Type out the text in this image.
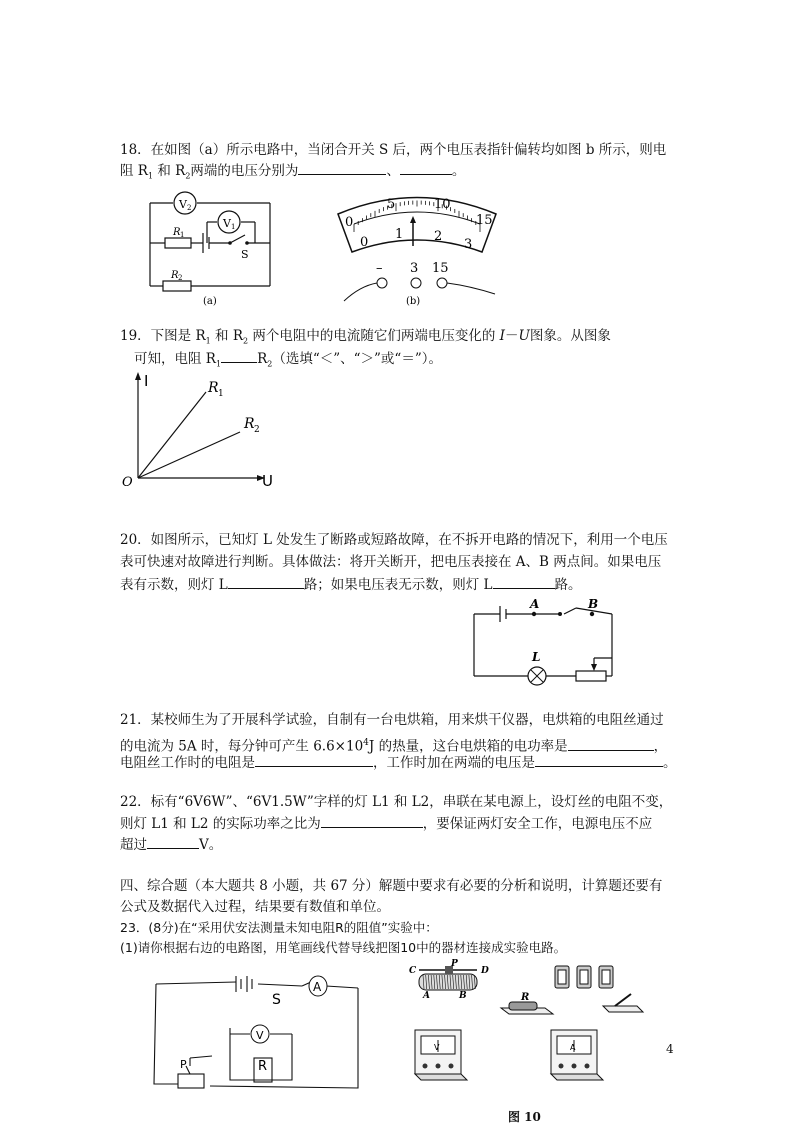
18．在如图（a）所示电路中，当闭合开关 S 后，两个电压表指针偏转均如图 b 所示，则电
阻 $R_1$ 和 $R_2$两端的电压分别为	、	。
V 2
V 1
R 1
S
R 2
(a)
0
5	10
15
0
1 2
3
– 3 15
(b)
19．下图是 $R_1$ 和 $R_2$ 两个电阻中的电流随它们两端电压变化的 I－U图象。从图象
可知，电阻 $R_1$	$R_2$（选填“＜”、“＞”或“＝”）。
I
U
O
R 1
R 2
20．如图所示，已知灯 L 处发生了断路或短路故障，在不拆开电路的情况下，利用一个电压
表可快速对故障进行判断。具体做法：将开关断开，把电压表接在 A、B 两点间。如果电压
表有示数，则灯 L	路；如果电压表无示数，则灯 L	路。
A	B
L
21．某校师生为了开展科学试验，自制有一台电烘箱，用来烘干仪器，电烘箱的电阻丝通过
的电流为 5A 时，每分钟可产生 $6.6\times 10^4J$ 的热量，这台电烘箱的电功率是	，
电阻丝工作时的电阻是	，工作时加在两端的电压是	。
22．标有“6V6W”、“6V1.5W”字样的灯 L1 和 L2，串联在某电源上，设灯丝的电阻不变，
则灯 L1 和 L2 的实际功率之比为	，要保证两灯安全工作，电源电压不应
超过	V。
四、综合题（本大题共 8 小题，共 67 分）解题中要求有必要的分析和说明，计算题还要有
公式及数据代入过程，结果要有数值和单位。
23．(8分)在“采用伏安法测量未知电阻R的阻值”实验中：
(1)请你根据右边的电路图，用笔画线代替导线把图10中的器材连接成实验电路。
S
A
V
P	R
C
P
D
A	B	R
V	A	4
图 10
